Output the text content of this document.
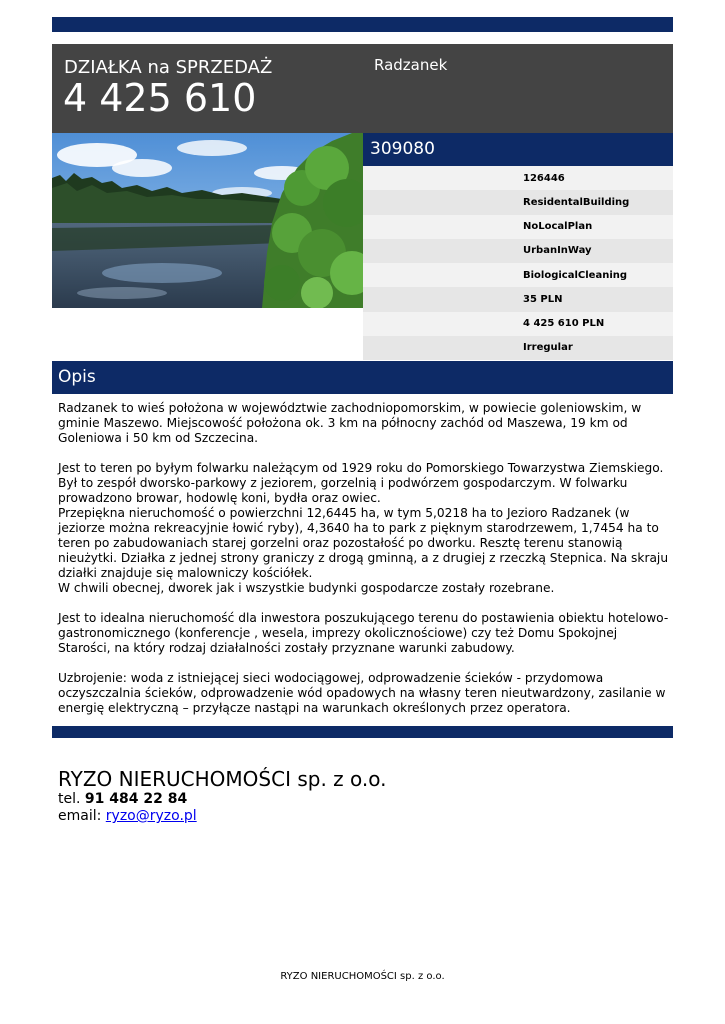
DZIAŁKA na SPRZEDAŻ
4 425 610
Radzanek
309080
126446
ResidentalBuilding
NoLocalPlan
UrbanInWay
BiologicalCleaning
35 PLN
4 425 610 PLN
Irregular
Opis

Radzanek to wieś położona w województwie zachodniopomorskim, w powiecie goleniowskim, w gminie Maszewo. Miejscowość położona ok. 3 km na północny zachód od Maszewa, 19 km od Goleniowa i 50 km od Szczecina.

Jest to teren po byłym folwarku należącym od 1929 roku do Pomorskiego Towarzystwa Ziemskiego. Był to zespół dworsko-parkowy z jeziorem, gorzelnią i podwórzem gospodarczym. W folwarku prowadzono browar, hodowlę koni, bydła oraz owiec.

Przepiękna nieruchomość o powierzchni 12,6445 ha, w tym 5,0218 ha to Jezioro Radzanek (w jeziorze można rekreacyjnie łowić ryby), 4,3640 ha to park z pięknym starodrzewem, 1,7454 ha to teren po zabudowaniach starej gorzelni oraz pozostałość po dworku. Resztę terenu stanowią nieużytki. Działka z jednej strony graniczy z drogą gminną, a z drugiej z rzeczką Stepnica. Na skraju działki znajduje się malowniczy kościółek.

W chwili obecnej, dworek jak i wszystkie budynki gospodarcze zostały rozebrane.

Jest to idealna nieruchomość dla inwestora poszukującego terenu do postawienia obiektu hotelowo-gastronomicznego (konferencje , wesela, imprezy okolicznościowe) czy też Domu Spokojnej Starości, na który rodzaj działalności zostały przyznane warunki zabudowy.

Uzbrojenie: woda z istniejącej sieci wodociągowej, odprowadzenie ścieków - przydomowa oczyszczalnia ścieków, odprowadzenie wód opadowych na własny teren nieutwardzony, zasilanie w energię elektryczną – przyłącze nastąpi na warunkach określonych przez operatora.

RYZO NIERUCHOMOŚCI sp. z o.o.
tel. 91 484 22 84
email: ryzo@ryzo.pl
RYZO NIERUCHOMOŚCI sp. z o.o.
